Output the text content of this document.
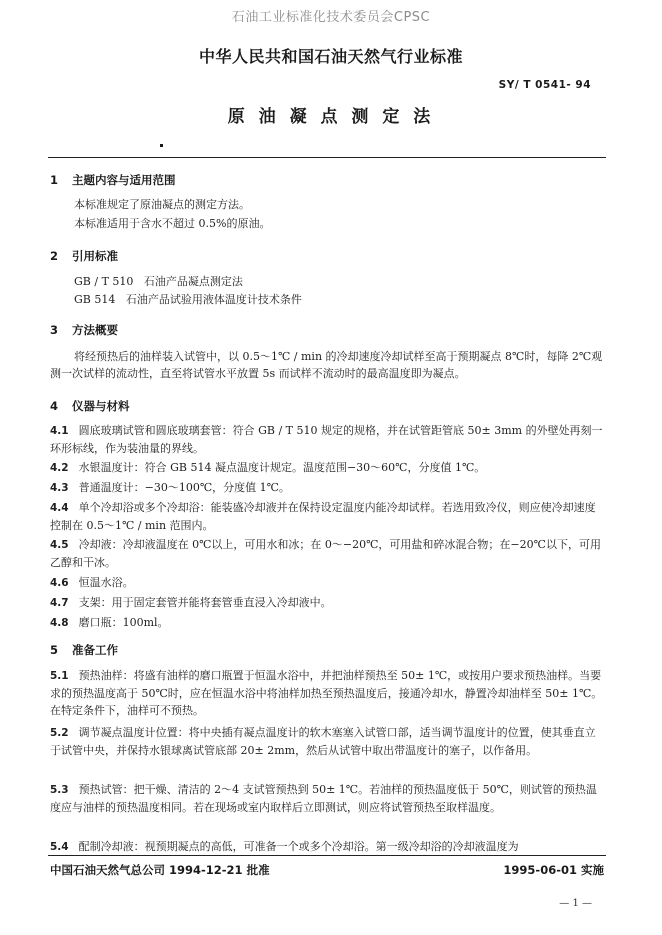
石油工业标准化技术委员会CPSC
中华人民共和国石油天然气行业标准
SY/ T 0541- 94
原 油 凝 点 测 定 法
1 主题内容与适用范围
本标准规定了原油凝点的测定方法。
本标准适用于含水不超过 0.5%的原油。
2 引用标准
GB / T 510   石油产品凝点测定法
GB 514   石油产品试验用液体温度计技术条件
3 方法概要
将经预热后的油样装入试管中，以 0.5～1℃ / min 的冷却速度冷却试样至高于预期凝点 8℃时，每降 2℃观测一次试样的流动性，直至将试管水平放置 5s 而试样不流动时的最高温度即为凝点。
4 仪器与材料
4.1 圆底玻璃试管和圆底玻璃套管：符合 GB / T 510 规定的规格，并在试管距管底 50± 3mm 的外壁处再刻一环形标线，作为装油量的界线。
4.2 水银温度计：符合 GB 514 凝点温度计规定。温度范围−30～60℃，分度值 1℃。
4.3 普通温度计：−30～100℃，分度值 1℃。
4.4 单个冷却浴或多个冷却浴：能装盛冷却液并在保持设定温度内能冷却试样。若选用致冷仪，则应使冷却速度控制在 0.5～1℃ / min 范围内。
4.5 冷却液：冷却液温度在 0℃以上，可用水和冰；在 0～−20℃，可用盐和碎冰混合物；在−20℃以下，可用乙醇和干冰。
4.6 恒温水浴。
4.7 支架：用于固定套管并能将套管垂直浸入冷却液中。
4.8 磨口瓶：100ml。
5 准备工作
5.1 预热油样：将盛有油样的磨口瓶置于恒温水浴中，并把油样预热至 50± 1℃，或按用户要求预热油样。当要求的预热温度高于 50℃时，应在恒温水浴中将油样加热至预热温度后，接通冷却水，静置冷却油样至 50± 1℃。在特定条件下，油样可不预热。
5.2 调节凝点温度计位置：将中央插有凝点温度计的软木塞塞入试管口部，适当调节温度计的位置，使其垂直立于试管中央，并保持水银球离试管底部 20± 2mm，然后从试管中取出带温度计的塞子，以作备用。
5.3 预热试管：把干燥、清洁的 2～4 支试管预热到 50± 1℃。若油样的预热温度低于 50℃，则试管的预热温度应与油样的预热温度相同。若在现场或室内取样后立即测试，则应将试管预热至取样温度。
5.4 配制冷却液：视预期凝点的高低，可准备一个或多个冷却浴。第一级冷却浴的冷却液温度为
中国石油天然气总公司 1994-12-21 批准	1995-06-01 实施
— 1 —
